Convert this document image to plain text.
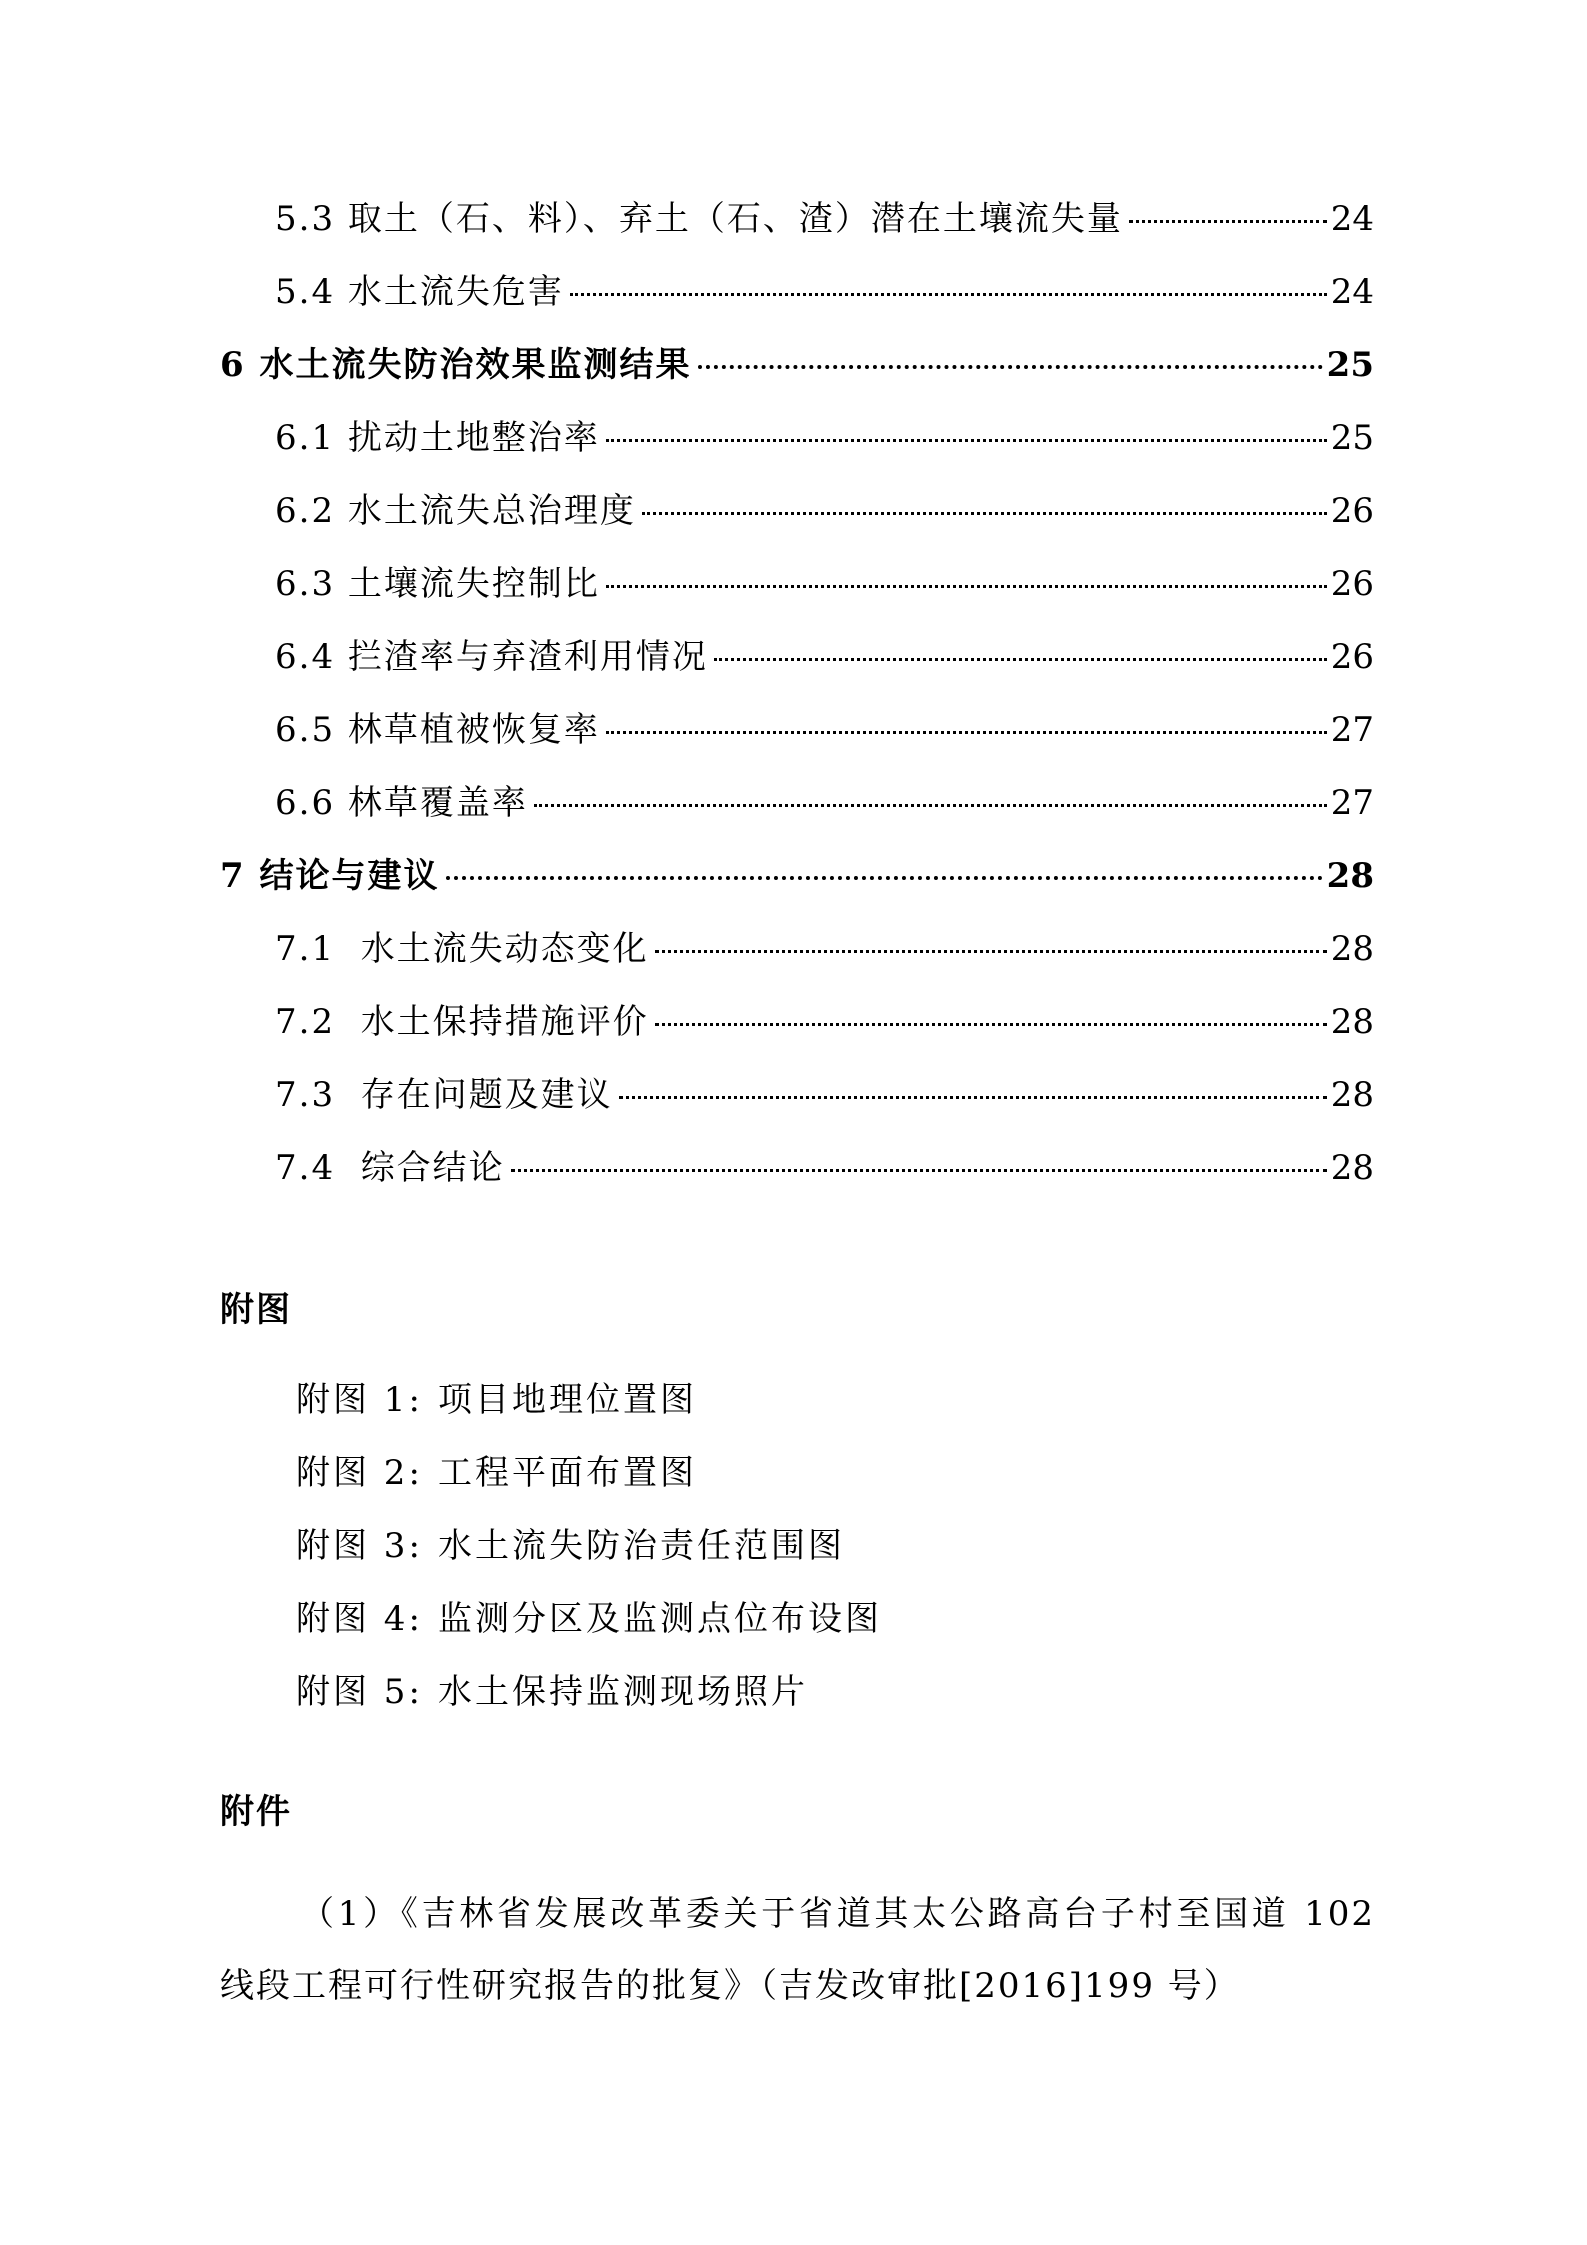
5.3 取土（石、料）、弃土（石、渣）潜在土壤流失量	24
5.4 水土流失危害	24
6 水土流失防治效果监测结果	25
6.1 扰动土地整治率	25
6.2 水土流失总治理度	26
6.3 土壤流失控制比	26
6.4 拦渣率与弃渣利用情况	26
6.5 林草植被恢复率	27
6.6 林草覆盖率	27
7 结论与建议	28
7.1 水土流失动态变化	28
7.2 水土保持措施评价	28
7.3 存在问题及建议	28
7.4 综合结论	28
附图
附图 1: 项目地理位置图
附图 2: 工程平面布置图
附图 3: 水土流失防治责任范围图
附图 4: 监测分区及监测点位布设图
附图 5: 水土保持监测现场照片
附件
（1）《吉林省发展改革委关于省道其太公路高台子村至国道 102
线段工程可行性研究报告的批复》（吉发改审批[2016]199 号）
